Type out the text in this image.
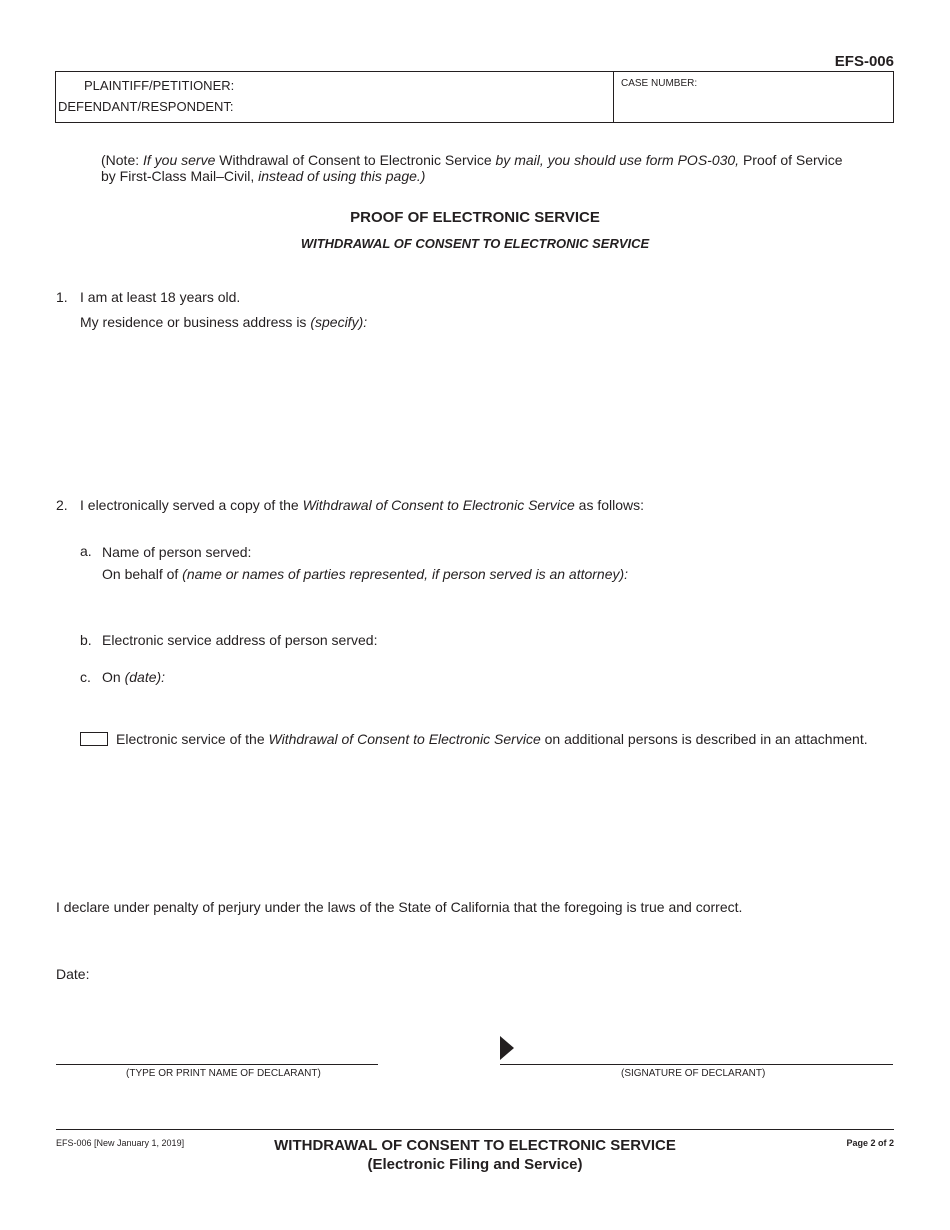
EFS-006
PLAINTIFF/PETITIONER:
DEFENDANT/RESPONDENT:
CASE NUMBER:
(Note: If you serve Withdrawal of Consent to Electronic Service by mail, you should use form POS-030, Proof of Service
by First-Class Mail–Civil, instead of using this page.)
PROOF OF ELECTRONIC SERVICE
WITHDRAWAL OF CONSENT TO ELECTRONIC SERVICE
1. I am at least 18 years old.
My residence or business address is (specify):
2. I electronically served a copy of the Withdrawal of Consent to Electronic Service as follows:
a. Name of person served:
On behalf of (name or names of parties represented, if person served is an attorney):
b. Electronic service address of person served:
c. On (date):
Electronic service of the Withdrawal of Consent to Electronic Service on additional persons is described in an attachment.
I declare under penalty of perjury under the laws of the State of California that the foregoing is true and correct.
Date:
(TYPE OR PRINT NAME OF DECLARANT)	(SIGNATURE OF DECLARANT)
EFS-006 [New January 1, 2019]	WITHDRAWAL OF CONSENT TO ELECTRONIC SERVICE
(Electronic Filing and Service)
Page 2 of 2
